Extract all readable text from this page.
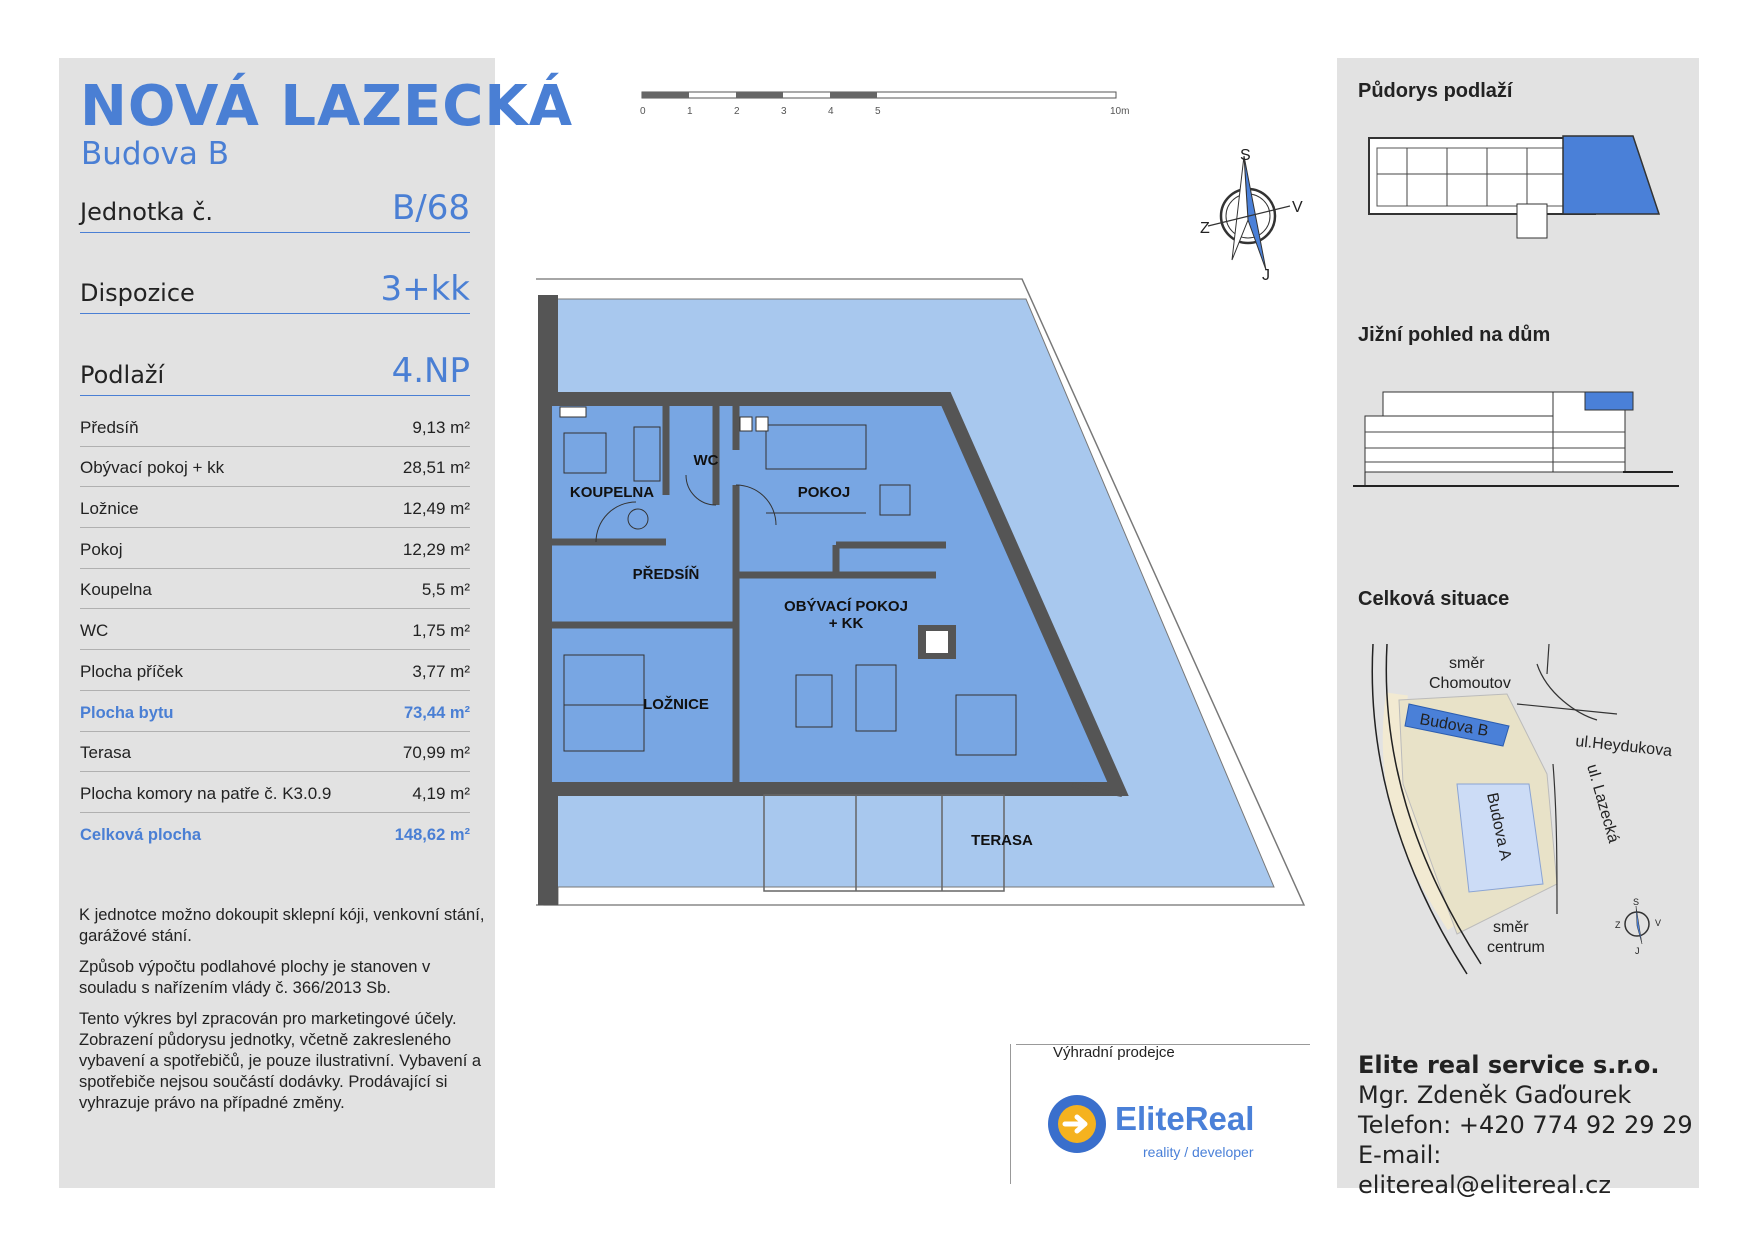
NOVÁ LAZECKÁ
Budova B
Jednotka č.	B/68
Dispozice	3+kk
Podlaží	4.NP
Předsíň	9,13 m²
Obývací pokoj + kk	28,51 m²
Ložnice	12,49 m²
Pokoj	12,29 m²
Koupelna	5,5 m²
WC	1,75 m²
Plocha příček	3,77 m²
Plocha bytu	73,44 m²
Terasa	70,99 m²
Plocha komory na patře č. K3.0.9	4,19 m²
Celková plocha	148,62 m²

K jednotce možno dokoupit sklepní kóji, venkovní stání, garážové stání.

Způsob výpočtu podlahové plochy je stanoven v souladu s nařízením vlády č. 366/2013 Sb.

Tento výkres byl zpracován pro marketingové účely. Zobrazení půdorysu jednotky, včetně zakresleného vybavení a spotřebičů, je pouze ilustrativní. Vybavení a spotřebiče nejsou součástí dodávky. Prodávající si vyhrazuje právo na případné změny.

0	1	2	3	4	5	10m
S
Z
V
J
KOUPELNA
WC
POKOJ
PŘEDSÍŇ
OBÝVACÍ POKOJ
+ KK
LOŽNICE
TERASA
Výhradní prodejce
EliteReal
reality / developer
Půdorys podlaží
Jižní pohled na dům
Celková situace
směr
Chomoutov
Budova B
Budova A
ul.Heydukova
ul. Lazecká
směr
centrum
S
Z	V
J
Elite real service s.r.o.
Mgr. Zdeněk Gaďourek
Telefon: +420 774 92 29 29
E-mail: elitereal@elitereal.cz
